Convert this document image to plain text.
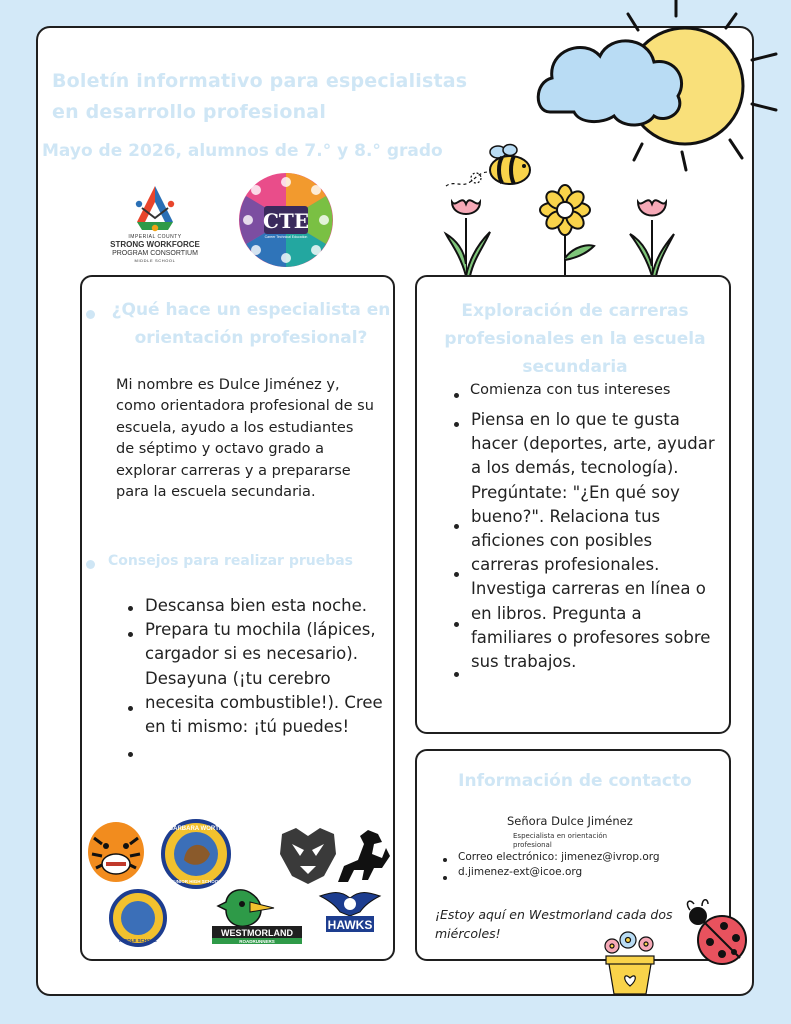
Boletín informativo para especialistas en desarrollo profesional
Mayo de 2026, alumnos de 7.° y 8.° grado
IMPERIAL COUNTY
STRONG WORKFORCE
PROGRAM CONSORTIUM
MIDDLE SCHOOL
CTE
Career Technical Education
¿Qué hace un especialista en orientación profesional?
Mi nombre es Dulce Jiménez y, como orientadora profesional de su escuela, ayudo a los estudiantes de séptimo y octavo grado a explorar carreras y a prepararse para la escuela secundaria.
Consejos para realizar pruebas
Descansa bien esta noche. Prepara tu mochila (lápices, cargador si es necesario). Desayuna (¡tu cerebro necesita combustible!). Cree en ti mismo: ¡tú puedes!
BARBARA WORTH
JUNIOR HIGH SCHOOL
MIDDLE SCHOOL
WESTMORLAND
ROADRUNNERS
HAWKS
Exploración de carreras profesionales en la escuela secundaria
Comienza con tus intereses
Piensa en lo que te gusta hacer (deportes, arte, ayudar a los demás, tecnología). Pregúntate: "¿En qué soy bueno?". Relaciona tus aficiones con posibles carreras profesionales. Investiga carreras en línea o en libros. Pregunta a familiares o profesores sobre sus trabajos.
Información de contacto
Señora Dulce Jiménez
Especialista en orientación profesional
Correo electrónico: jimenez@ivrop.org
d.jimenez-ext@icoe.org
¡Estoy aquí en Westmorland cada dos miércoles!
